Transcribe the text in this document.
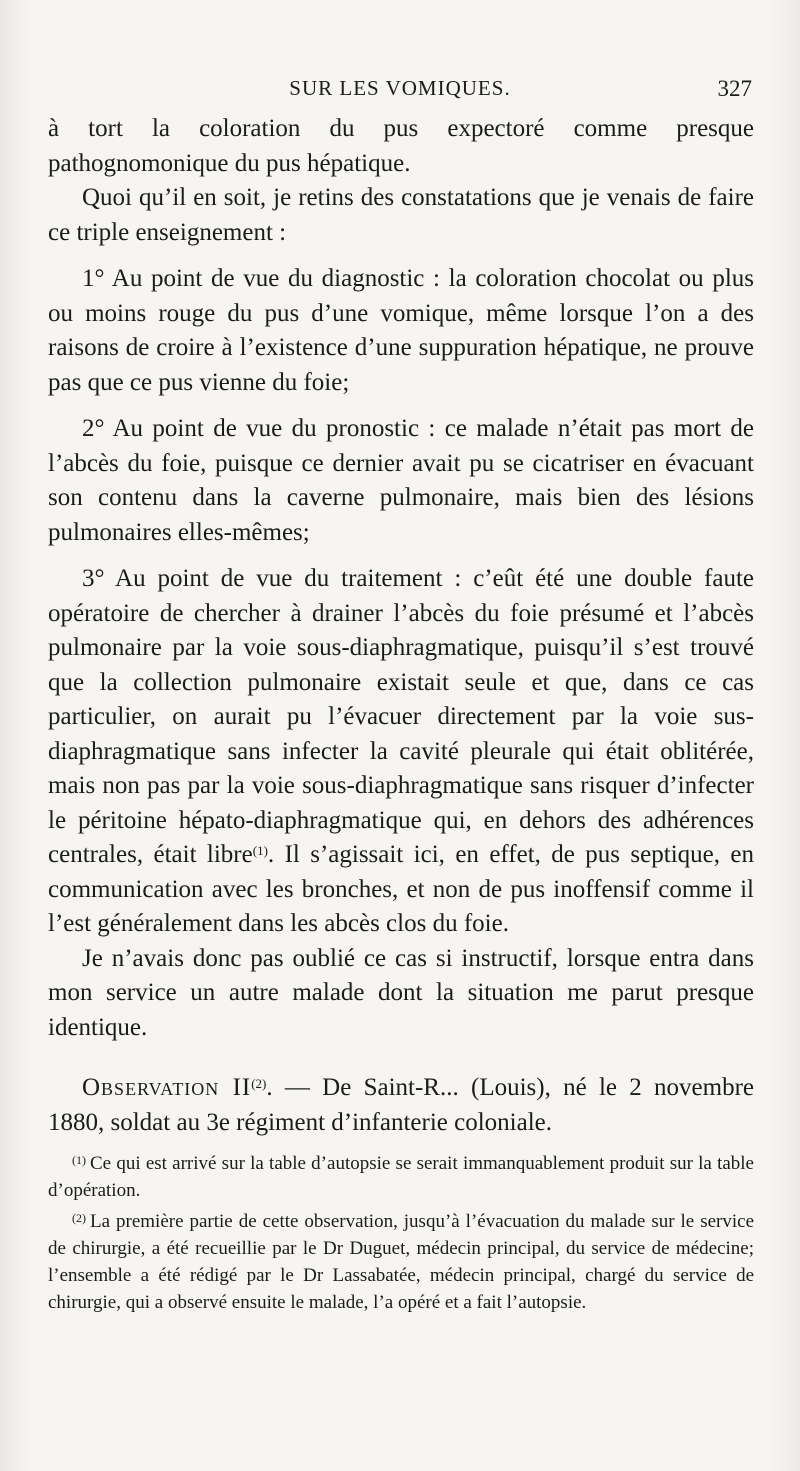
SUR LES VOMIQUES.	327

à tort la coloration du pus expectoré comme presque pathognomonique du pus hépatique.

Quoi qu’il en soit, je retins des constatations que je venais de faire ce triple enseignement :

1° Au point de vue du diagnostic : la coloration chocolat ou plus ou moins rouge du pus d’une vomique, même lorsque l’on a des raisons de croire à l’existence d’une suppuration hépatique, ne prouve pas que ce pus vienne du foie;

2° Au point de vue du pronostic : ce malade n’était pas mort de l’abcès du foie, puisque ce dernier avait pu se cicatriser en évacuant son contenu dans la caverne pulmonaire, mais bien des lésions pulmonaires elles-mêmes;

3° Au point de vue du traitement : c’eût été une double faute opératoire de chercher à drainer l’abcès du foie présumé et l’abcès pulmonaire par la voie sous-diaphragmatique, puisqu’il s’est trouvé que la collection pulmonaire existait seule et que, dans ce cas particulier, on aurait pu l’évacuer directement par la voie sus-diaphragmatique sans infecter la cavité pleurale qui était oblitérée, mais non pas par la voie sous-diaphragmatique sans risquer d’infecter le péritoine hépato-diaphragmatique qui, en dehors des adhérences centrales, était libre$^{(1)}$. Il s’agissait ici, en effet, de pus septique, en communication avec les bronches, et non de pus inoffensif comme il l’est généralement dans les abcès clos du foie.

Je n’avais donc pas oublié ce cas si instructif, lorsque entra dans mon service un autre malade dont la situation me parut presque identique.

Observation II$^{(2)}$. — De Saint-R... (Louis), né le 2 novembre 1880, soldat au 3e régiment d’infanterie coloniale.

$^{(1)}$ Ce qui est arrivé sur la table d’autopsie se serait immanquablement produit sur la table d’opération.

$^{(2)}$ La première partie de cette observation, jusqu’à l’évacuation du malade sur le service de chirurgie, a été recueillie par le Dr Duguet, médecin principal, du service de médecine; l’ensemble a été rédigé par le Dr Lassabatée, médecin principal, chargé du service de chirurgie, qui a observé ensuite le malade, l’a opéré et a fait l’autopsie.
